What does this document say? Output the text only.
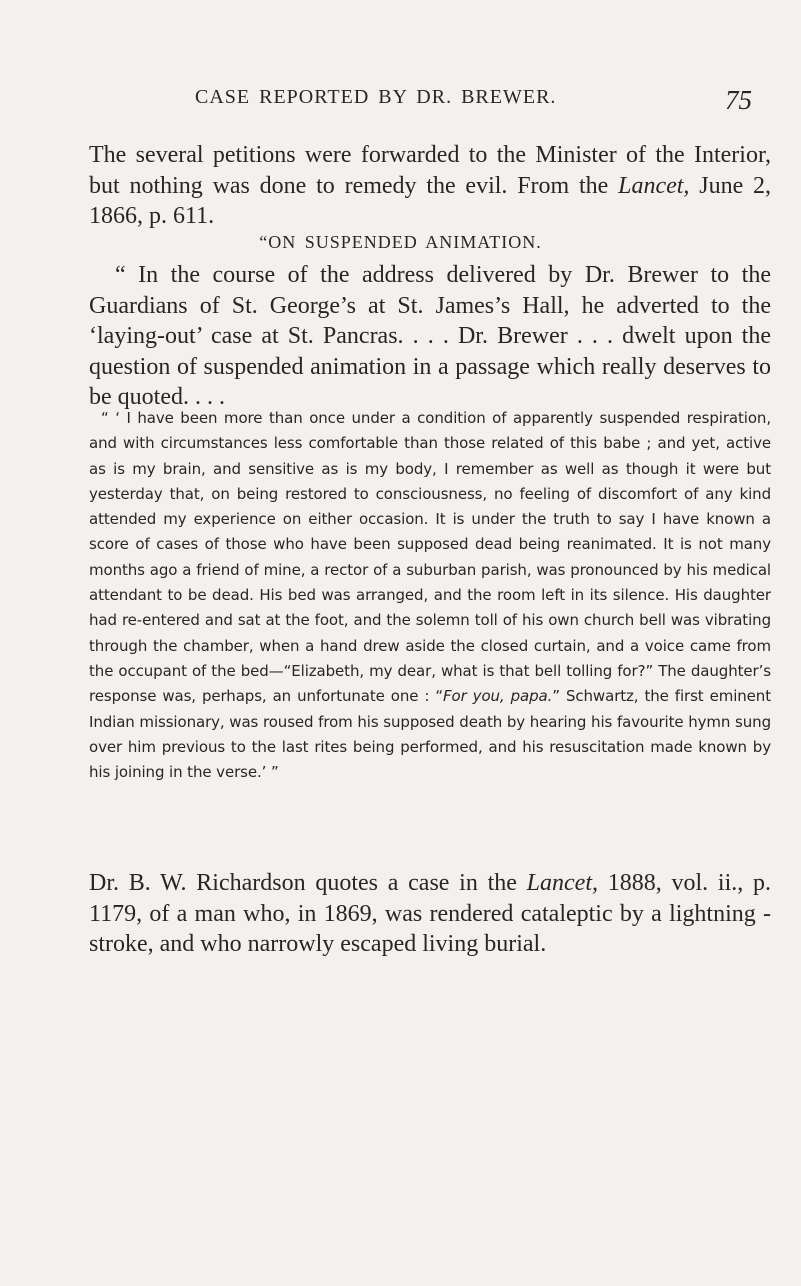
CASE REPORTED BY DR. BREWER.	75
The several petitions were forwarded to the Minister of the Interior, but nothing was done to remedy the evil. From the Lancet, June 2, 1866, p. 611.
“ON SUSPENDED ANIMATION.
“ In the course of the address delivered by Dr. Brewer to the Guardians of St. George’s at St. James’s Hall, he adverted to the ‘laying-out’ case at St. Pancras. . . . Dr. Brewer . . . dwelt upon the question of suspended animation in a passage which really deserves to be quoted. . . .
“ ‘ I have been more than once under a condition of apparently suspended respiration, and with circumstances less comfortable than those related of this babe ; and yet, active as is my brain, and sensitive as is my body, I remember as well as though it were but yesterday that, on being restored to consciousness, no feeling of discomfort of any kind attended my experience on either occasion. It is under the truth to say I have known a score of cases of those who have been supposed dead being reanimated. It is not many months ago a friend of mine, a rector of a suburban parish, was pronounced by his medical attendant to be dead. His bed was arranged, and the room left in its silence. His daughter had re-entered and sat at the foot, and the solemn toll of his own church bell was vibrating through the chamber, when a hand drew aside the closed curtain, and a voice came from the occupant of the bed—“Elizabeth, my dear, what is that bell tolling for?” The daughter’s response was, perhaps, an unfortunate one : “For you, papa.” Schwartz, the first eminent Indian missionary, was roused from his supposed death by hearing his favourite hymn sung over him previous to the last rites being performed, and his resuscitation made known by his joining in the verse.’ ”
Dr. B. W. Richardson quotes a case in the Lancet, 1888, vol. ii., p. 1179, of a man who, in 1869, was rendered cataleptic by a lightning - stroke, and who narrowly escaped living burial.
